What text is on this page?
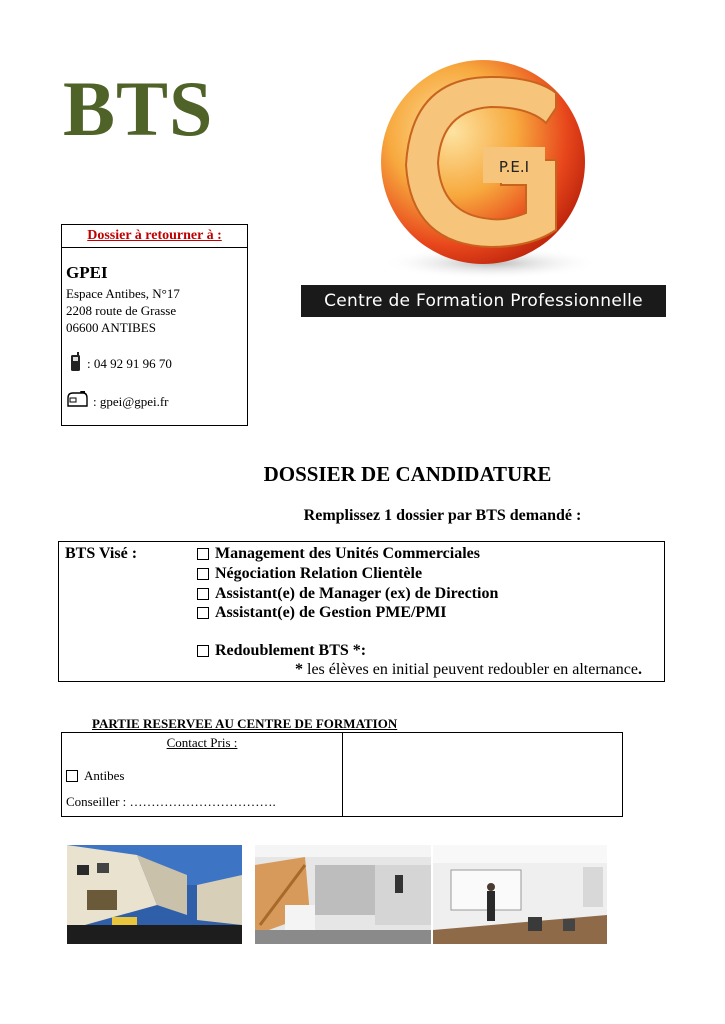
BTS
Dossier à retourner à :
GPEI
Espace Antibes, N°17
2208 route de Grasse
06600 ANTIBES
: 04 92 91 96 70
: gpei@gpei.fr
P.E.I
Centre de Formation Professionnelle
DOSSIER DE CANDIDATURE
Remplissez 1 dossier par BTS demandé :
BTS Visé :	Management des Unités Commerciales
Négociation Relation Clientèle
Assistant(e) de Manager (ex) de Direction
Assistant(e) de Gestion PME/PMI
Redoublement BTS *:
* les élèves en initial peuvent redoubler en alternance.
PARTIE RESERVEE AU CENTRE DE FORMATION
Contact Pris :
Antibes
Conseiller : …………………………….
